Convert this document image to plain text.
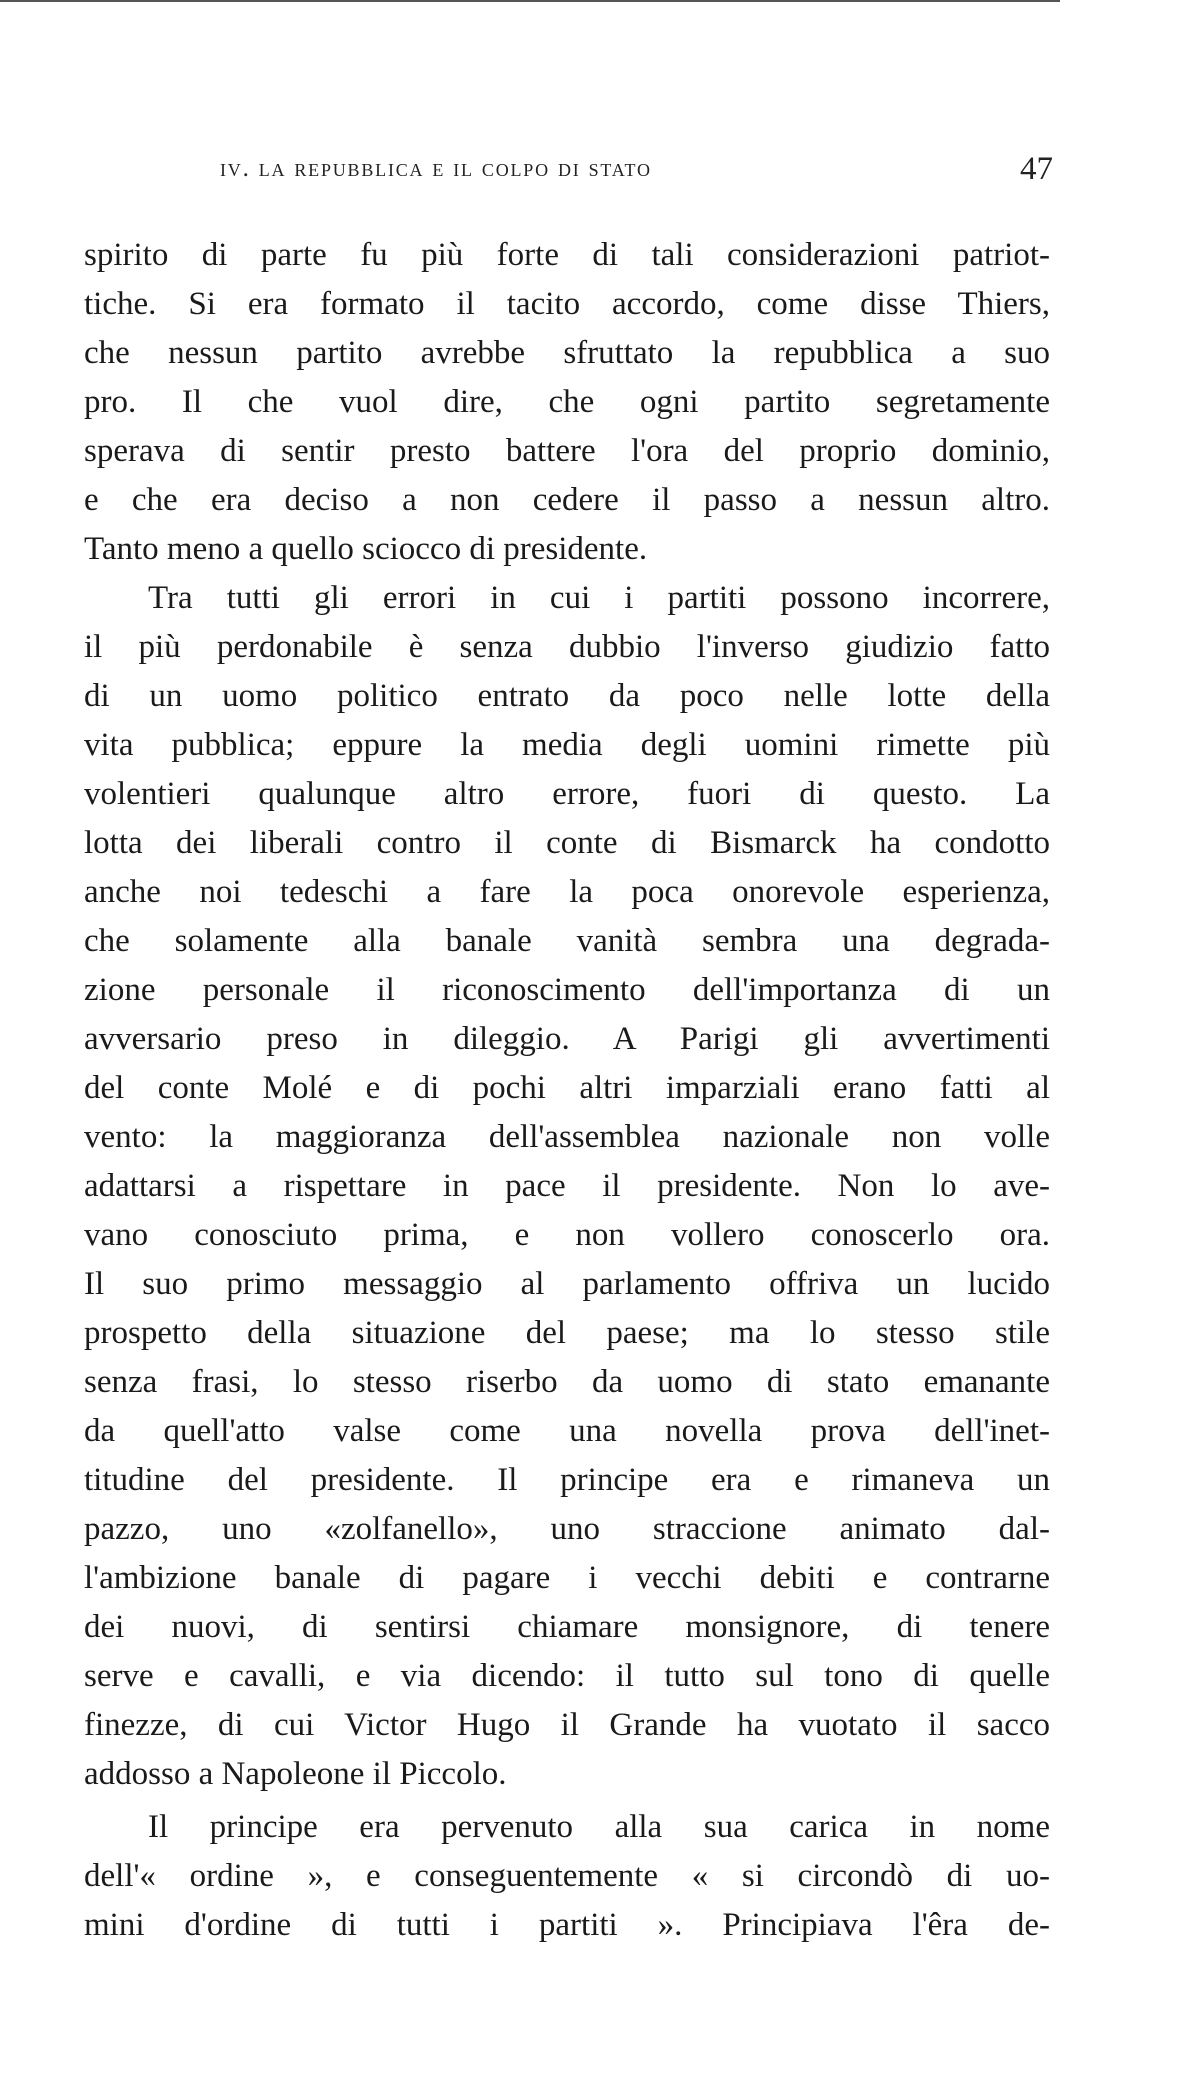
iv. la repubblica e il colpo di stato	47
spirito di parte fu più forte di tali considerazioni patriot-
tiche. Si era formato il tacito accordo, come disse Thiers,
che nessun partito avrebbe sfruttato la repubblica a suo
pro. Il che vuol dire, che ogni partito segretamente
sperava di sentir presto battere l'ora del proprio dominio,
e che era deciso a non cedere il passo a nessun altro.
Tanto meno a quello sciocco di presidente.
Tra tutti gli errori in cui i partiti possono incorrere,
il più perdonabile è senza dubbio l'inverso giudizio fatto
di un uomo politico entrato da poco nelle lotte della
vita pubblica; eppure la media degli uomini rimette più
volentieri qualunque altro errore, fuori di questo. La
lotta dei liberali contro il conte di Bismarck ha condotto
anche noi tedeschi a fare la poca onorevole esperienza,
che solamente alla banale vanità sembra una degrada-
zione personale il riconoscimento dell'importanza di un
avversario preso in dileggio. A Parigi gli avvertimenti
del conte Molé e di pochi altri imparziali erano fatti al
vento: la maggioranza dell'assemblea nazionale non volle
adattarsi a rispettare in pace il presidente. Non lo ave-
vano conosciuto prima, e non vollero conoscerlo ora.
Il suo primo messaggio al parlamento offriva un lucido
prospetto della situazione del paese; ma lo stesso stile
senza frasi, lo stesso riserbo da uomo di stato emanante
da quell'atto valse come una novella prova dell'inet-
titudine del presidente. Il principe era e rimaneva un
pazzo, uno «zolfanello», uno straccione animato dal-
l'ambizione banale di pagare i vecchi debiti e contrarne
dei nuovi, di sentirsi chiamare monsignore, di tenere
serve e cavalli, e via dicendo: il tutto sul tono di quelle
finezze, di cui Victor Hugo il Grande ha vuotato il sacco
addosso a Napoleone il Piccolo.
Il principe era pervenuto alla sua carica in nome
dell'« ordine », e conseguentemente « si circondò di uo-
mini d'ordine di tutti i partiti ». Principiava l'êra de-
